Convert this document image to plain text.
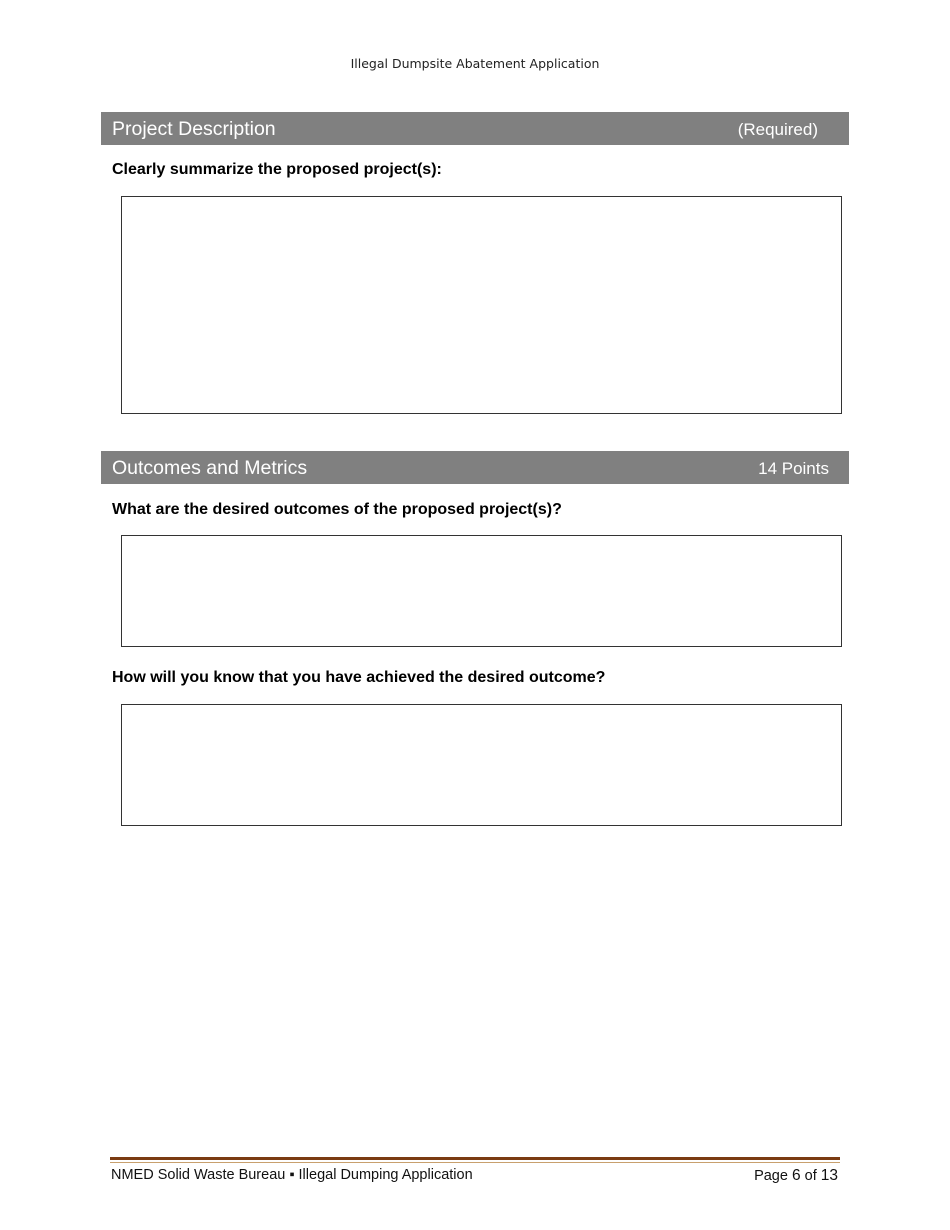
Illegal Dumpsite Abatement Application
Project Description	(Required)
Clearly summarize the proposed project(s):
Outcomes and Metrics	14 Points
What are the desired outcomes of the proposed project(s)?
How will you know that you have achieved the desired outcome?
NMED Solid Waste Bureau ▪ Illegal Dumping Application	Page 6 of 13
